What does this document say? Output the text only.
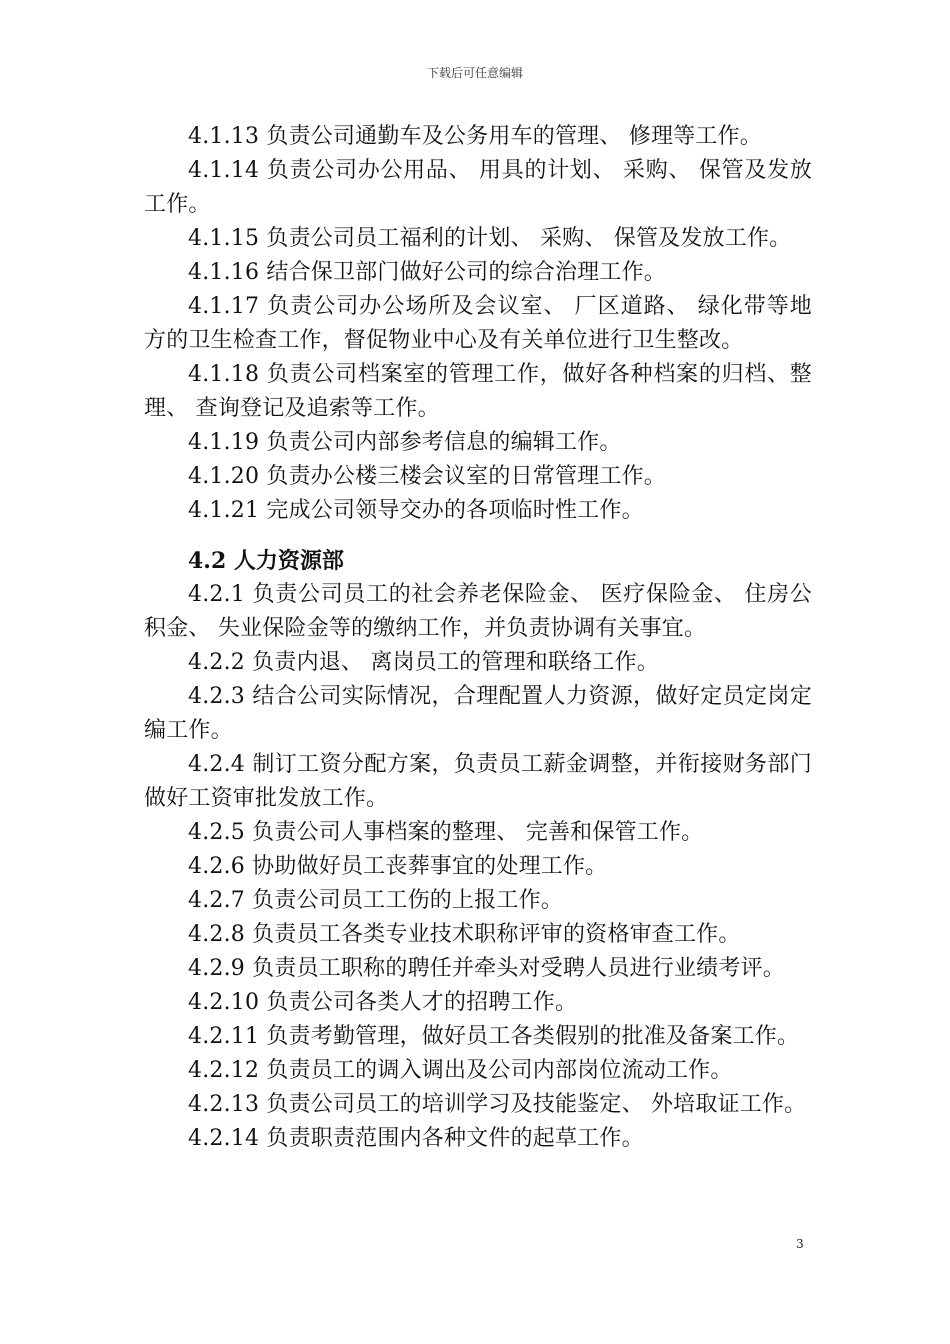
下载后可任意编辑

4.1.13 负责公司通勤车及公务用车的管理、 修理等工作。

4.1.14 负责公司办公用品、 用具的计划、 采购、 保管及发放工作。

4.1.15 负责公司员工福利的计划、 采购、 保管及发放工作。

4.1.16 结合保卫部门做好公司的综合治理工作。

4.1.17 负责公司办公场所及会议室、 厂区道路、 绿化带等地方的卫生检查工作，督促物业中心及有关单位进行卫生整改。

4.1.18 负责公司档案室的管理工作，做好各种档案的归档、整理、 查询登记及追索等工作。

4.1.19 负责公司内部参考信息的编辑工作。

4.1.20 负责办公楼三楼会议室的日常管理工作。

4.1.21 完成公司领导交办的各项临时性工作。

4.2 人力资源部

4.2.1 负责公司员工的社会养老保险金、 医疗保险金、 住房公积金、 失业保险金等的缴纳工作，并负责协调有关事宜。

4.2.2 负责内退、 离岗员工的管理和联络工作。

4.2.3 结合公司实际情况，合理配置人力资源，做好定员定岗定编工作。

4.2.4 制订工资分配方案，负责员工薪金调整，并衔接财务部门做好工资审批发放工作。

4.2.5 负责公司人事档案的整理、 完善和保管工作。

4.2.6 协助做好员工丧葬事宜的处理工作。

4.2.7 负责公司员工工伤的上报工作。

4.2.8 负责员工各类专业技术职称评审的资格审查工作。

4.2.9 负责员工职称的聘任并牵头对受聘人员进行业绩考评。

4.2.10 负责公司各类人才的招聘工作。

4.2.11 负责考勤管理，做好员工各类假别的批准及备案工作。

4.2.12 负责员工的调入调出及公司内部岗位流动工作。

4.2.13 负责公司员工的培训学习及技能鉴定、 外培取证工作。

4.2.14 负责职责范围内各种文件的起草工作。

3
